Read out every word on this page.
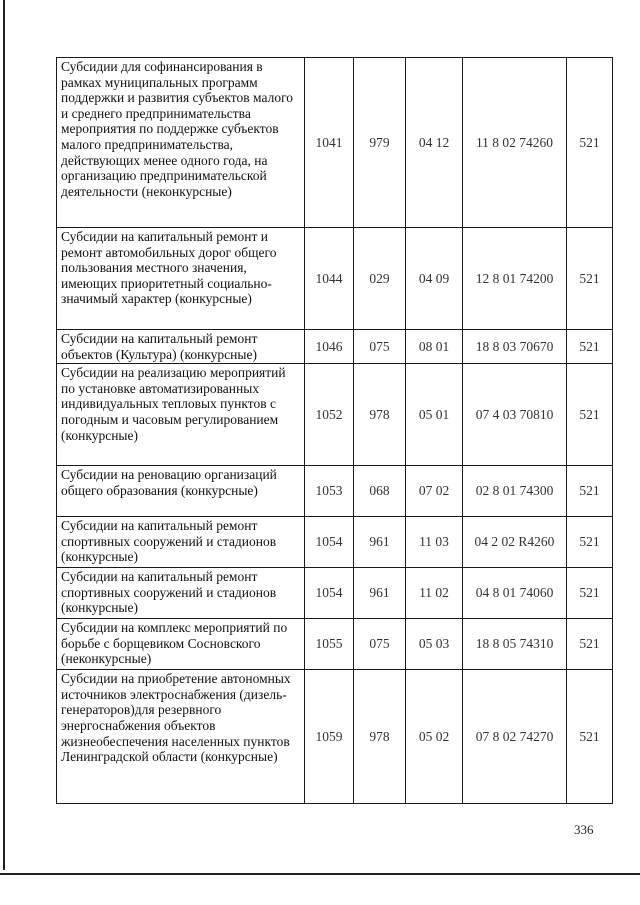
Субсидии для софинансирования в рамках муниципальных программ поддержки и развития субъектов малого и среднего предпринимательства мероприятия по поддержке субъектов малого предпринимательства, действующих менее одного года, на организацию предпринимательской деятельности (неконкурсные)	1041	979	04 12	11 8 02 74260	521
Субсидии на капитальный ремонт и ремонт автомобильных дорог общего пользования местного значения, имеющих приоритетный социально-значимый характер (конкурсные)	1044	029	04 09	12 8 01 74200	521
Субсидии на капитальный ремонт объектов (Культура) (конкурсные)	1046	075	08 01	18 8 03 70670	521
Субсидии на реализацию мероприятий по установке автоматизированных индивидуальных тепловых пунктов с погодным и часовым регулированием (конкурсные)	1052	978	05 01	07 4 03 70810	521
Субсидии на реновацию организаций общего образования (конкурсные)	1053	068	07 02	02 8 01 74300	521
Субсидии на капитальный ремонт спортивных сооружений и стадионов (конкурсные)	1054	961	11 03	04 2 02 R4260	521
Субсидии на капитальный ремонт спортивных сооружений и стадионов (конкурсные)	1054	961	11 02	04 8 01 74060	521
Субсидии на комплекс мероприятий по борьбе с борщевиком Сосновского (неконкурсные)	1055	075	05 03	18 8 05 74310	521
Субсидии на приобретение автономных источников электроснабжения (дизель-генераторов)для резервного энергоснабжения объектов жизнеобеспечения населенных пунктов Ленинградской области (конкурсные)	1059	978	05 02	07 8 02 74270	521
336
